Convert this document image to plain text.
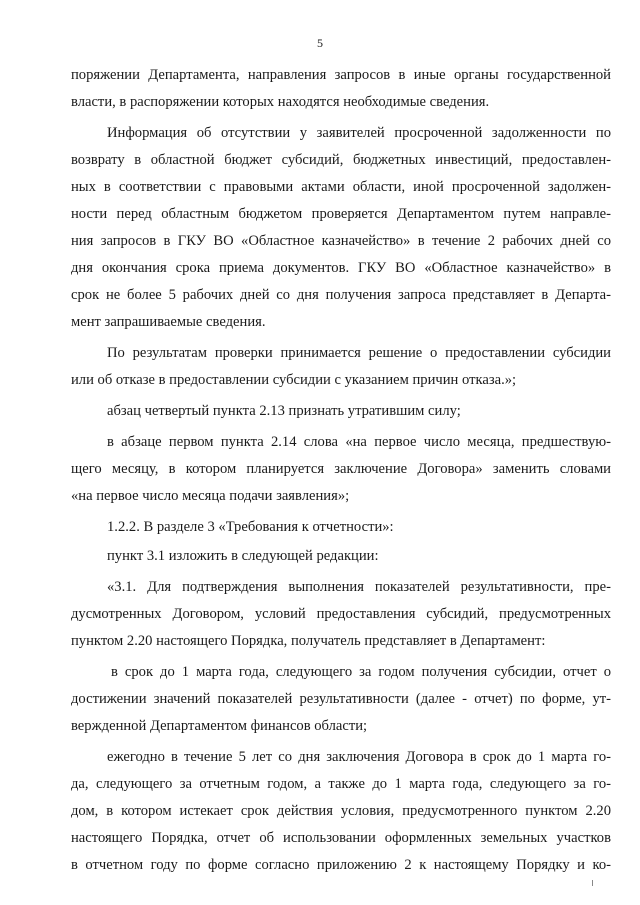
5
поряжении Департамента, направления запросов в иные органы государственной
власти, в распоряжении которых находятся необходимые сведения.
Информация об отсутствии у заявителей просроченной задолженности по
возврату в областной бюджет субсидий, бюджетных инвестиций, предоставлен-
ных в соответствии с правовыми актами области, иной просроченной задолжен-
ности перед областным бюджетом проверяется Департаментом путем направле-
ния запросов в ГКУ ВО «Областное казначейство» в течение 2 рабочих дней со
дня окончания срока приема документов. ГКУ ВО «Областное казначейство» в
срок не более 5 рабочих дней со дня получения запроса представляет в Департа-
мент запрашиваемые сведения.
По результатам проверки принимается решение о предоставлении субсидии
или об отказе в предоставлении субсидии с указанием причин отказа.»;
абзац четвертый пункта 2.13 признать утратившим силу;
в абзаце первом пункта 2.14 слова «на первое число месяца, предшествую-
щего месяцу, в котором планируется заключение Договора» заменить словами
«на первое число месяца подачи заявления»;
1.2.2. В разделе 3 «Требования к отчетности»:
пункт 3.1 изложить в следующей редакции:
«3.1. Для подтверждения выполнения показателей результативности, пре-
дусмотренных Договором, условий предоставления субсидий, предусмотренных
пунктом 2.20 настоящего Порядка, получатель представляет в Департамент:
в срок до 1 марта года, следующего за годом получения субсидии, отчет о
достижении значений показателей результативности (далее - отчет) по форме, ут-
вержденной Департаментом финансов области;
ежегодно в течение 5 лет со дня заключения Договора в срок до 1 марта го-
да, следующего за отчетным годом, а также до 1 марта года, следующего за го-
дом, в котором истекает срок действия условия, предусмотренного пунктом 2.20
настоящего Порядка, отчет об использовании оформленных земельных участков
в отчетном году по форме согласно приложению 2 к настоящему Порядку и ко-
